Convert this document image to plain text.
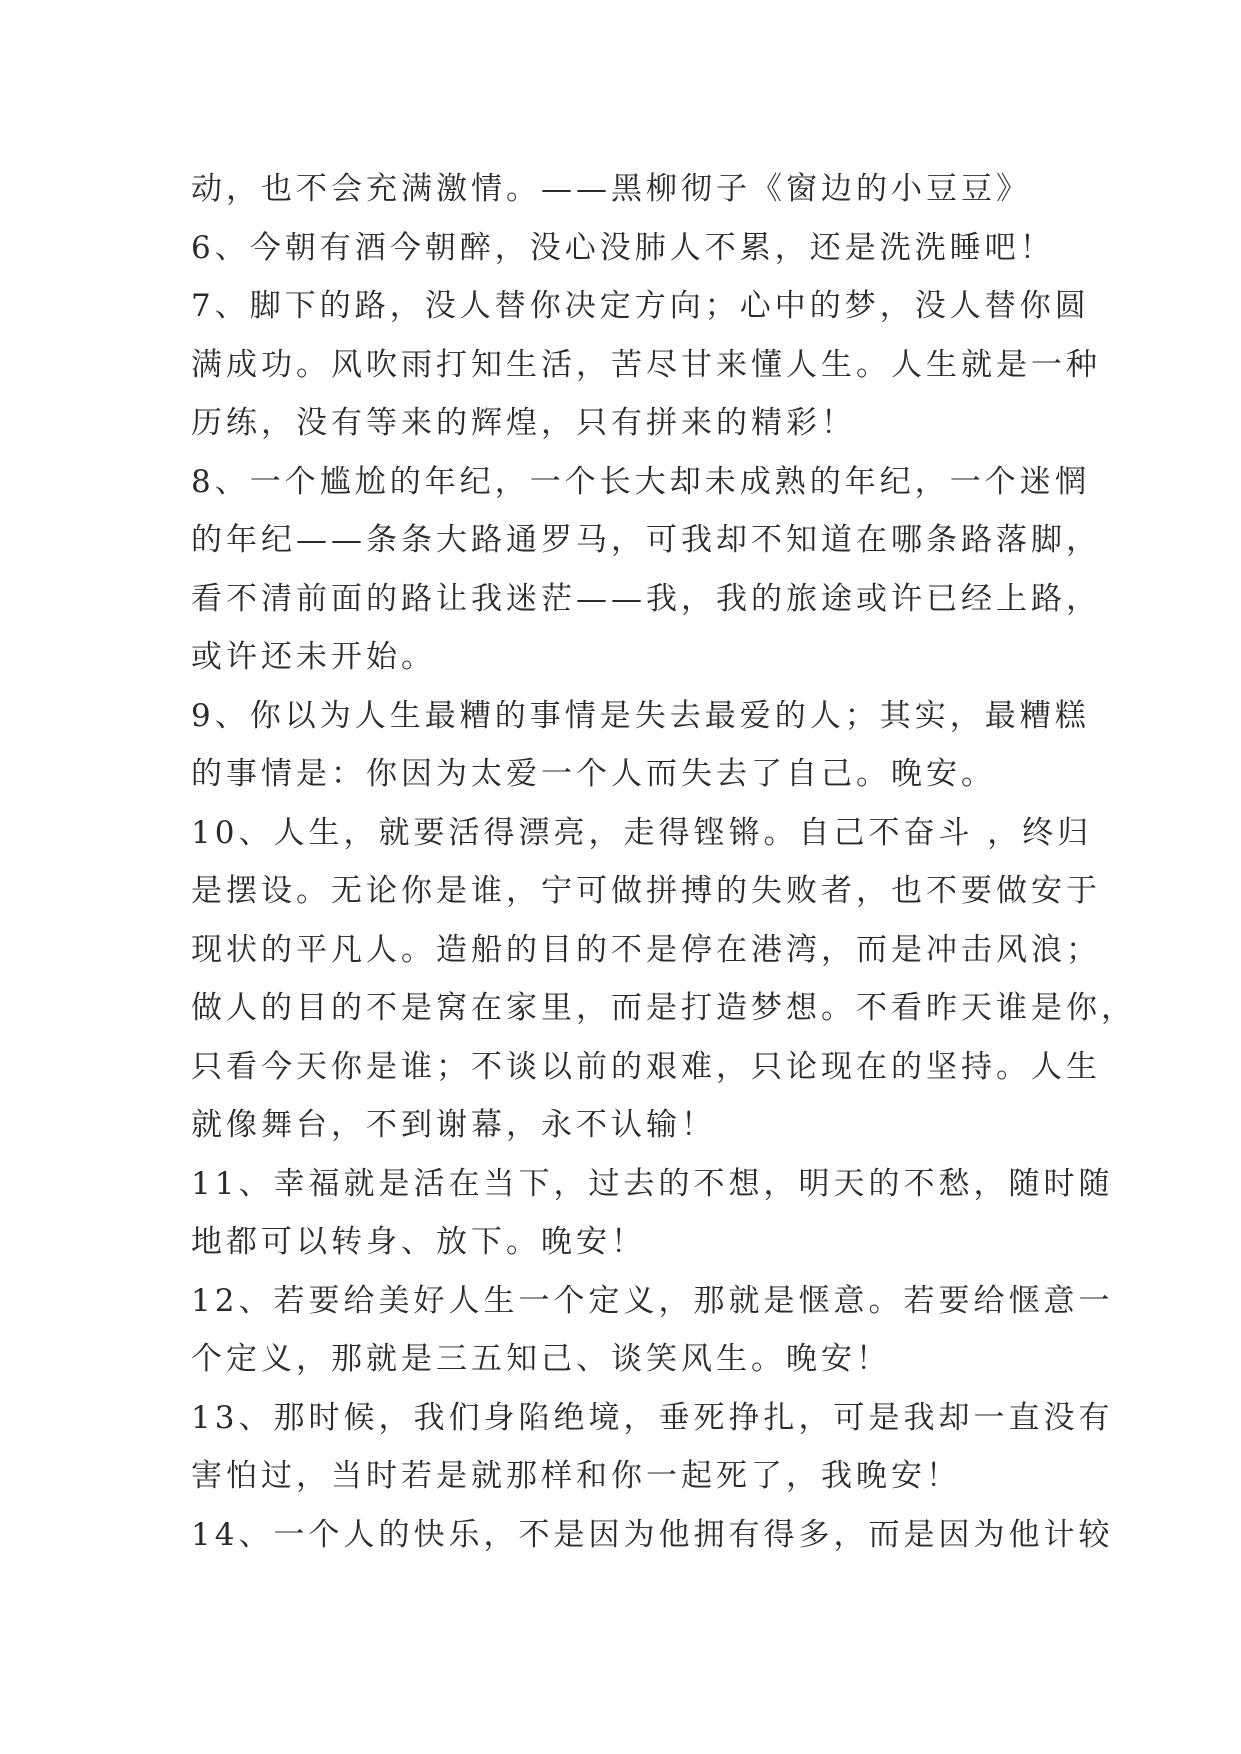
动，也不会充满激情。——黑柳彻子《窗边的小豆豆》
6、今朝有酒今朝醉，没心没肺人不累，还是洗洗睡吧！
7、脚下的路，没人替你决定方向；心中的梦，没人替你圆
满成功。风吹雨打知生活，苦尽甘来懂人生。人生就是一种
历练，没有等来的辉煌，只有拼来的精彩！
8、一个尴尬的年纪，一个长大却未成熟的年纪，一个迷惘
的年纪——条条大路通罗马，可我却不知道在哪条路落脚，
看不清前面的路让我迷茫——我，我的旅途或许已经上路，
或许还未开始。
9、你以为人生最糟的事情是失去最爱的人；其实，最糟糕
的事情是：你因为太爱一个人而失去了自己。晚安。
10、人生，就要活得漂亮，走得铿锵。自己不奋斗 ，终归
是摆设。无论你是谁，宁可做拼搏的失败者，也不要做安于
现状的平凡人。造船的目的不是停在港湾，而是冲击风浪；
做人的目的不是窝在家里，而是打造梦想。不看昨天谁是你，
只看今天你是谁；不谈以前的艰难，只论现在的坚持。人生
就像舞台，不到谢幕，永不认输！
11、幸福就是活在当下，过去的不想，明天的不愁，随时随
地都可以转身、放下。晚安！
12、若要给美好人生一个定义，那就是惬意。若要给惬意一
个定义，那就是三五知己、谈笑风生。晚安！
13、那时候，我们身陷绝境，垂死挣扎，可是我却一直没有
害怕过，当时若是就那样和你一起死了，我晚安！
14、一个人的快乐，不是因为他拥有得多，而是因为他计较
